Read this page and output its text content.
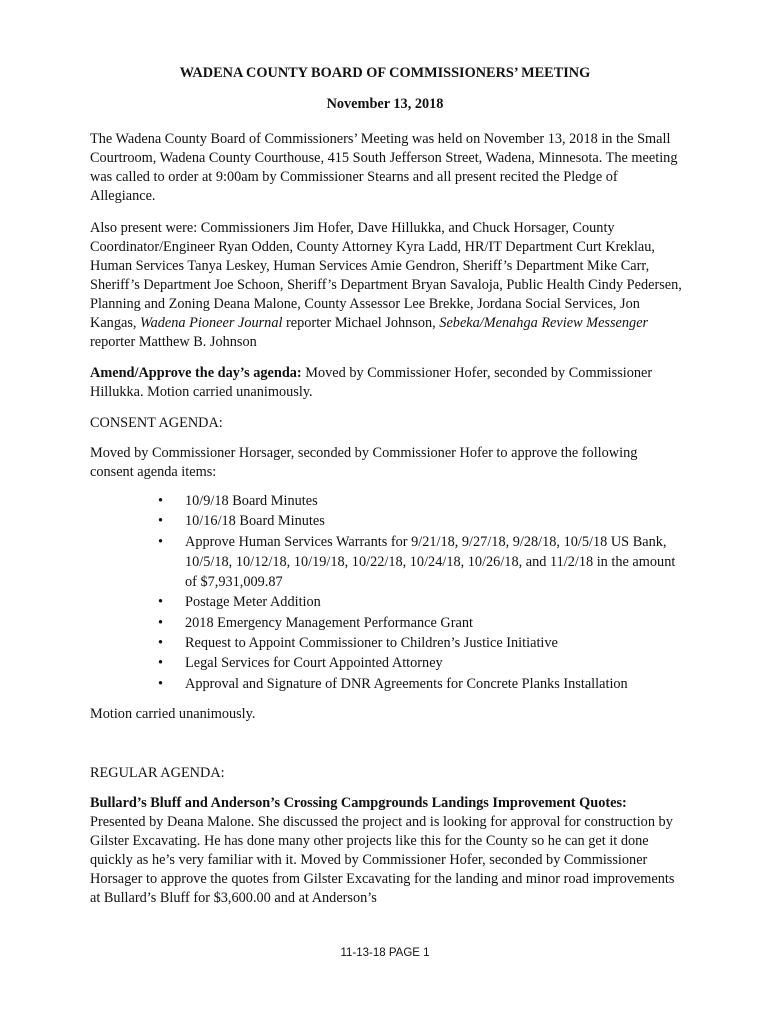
WADENA COUNTY BOARD OF COMMISSIONERS’ MEETING
November 13, 2018

The Wadena County Board of Commissioners’ Meeting was held on November 13, 2018 in the Small Courtroom, Wadena County Courthouse, 415 South Jefferson Street, Wadena, Minnesota. The meeting was called to order at 9:00am by Commissioner Stearns and all present recited the Pledge of Allegiance.

Also present were: Commissioners Jim Hofer, Dave Hillukka, and Chuck Horsager, County Coordinator/Engineer Ryan Odden, County Attorney Kyra Ladd, HR/IT Department Curt Kreklau, Human Services Tanya Leskey, Human Services Amie Gendron, Sheriff’s Department Mike Carr, Sheriff’s Department Joe Schoon, Sheriff’s Department Bryan Savaloja, Public Health Cindy Pedersen, Planning and Zoning Deana Malone, County Assessor Lee Brekke, Jordana Social Services, Jon Kangas, Wadena Pioneer Journal reporter Michael Johnson, Sebeka/Menahga Review Messenger reporter Matthew B. Johnson

Amend/Approve the day’s agenda: Moved by Commissioner Hofer, seconded by Commissioner Hillukka. Motion carried unanimously.

CONSENT AGENDA:

Moved by Commissioner Horsager, seconded by Commissioner Hofer to approve the following consent agenda items:

• 10/9/18 Board Minutes
• 10/16/18 Board Minutes
• Approve Human Services Warrants for 9/21/18, 9/27/18, 9/28/18, 10/5/18 US Bank, 10/5/18, 10/12/18, 10/19/18, 10/22/18, 10/24/18, 10/26/18, and 11/2/18 in the amount of $7,931,009.87
• Postage Meter Addition
• 2018 Emergency Management Performance Grant
• Request to Appoint Commissioner to Children’s Justice Initiative
• Legal Services for Court Appointed Attorney
• Approval and Signature of DNR Agreements for Concrete Planks Installation

Motion carried unanimously.

REGULAR AGENDA:

Bullard’s Bluff and Anderson’s Crossing Campgrounds Landings Improvement Quotes: Presented by Deana Malone. She discussed the project and is looking for approval for construction by Gilster Excavating. He has done many other projects like this for the County so he can get it done quickly as he’s very familiar with it. Moved by Commissioner Hofer, seconded by Commissioner Horsager to approve the quotes from Gilster Excavating for the landing and minor road improvements at Bullard’s Bluff for $3,600.00 and at Anderson’s

11-13-18 PAGE 1
